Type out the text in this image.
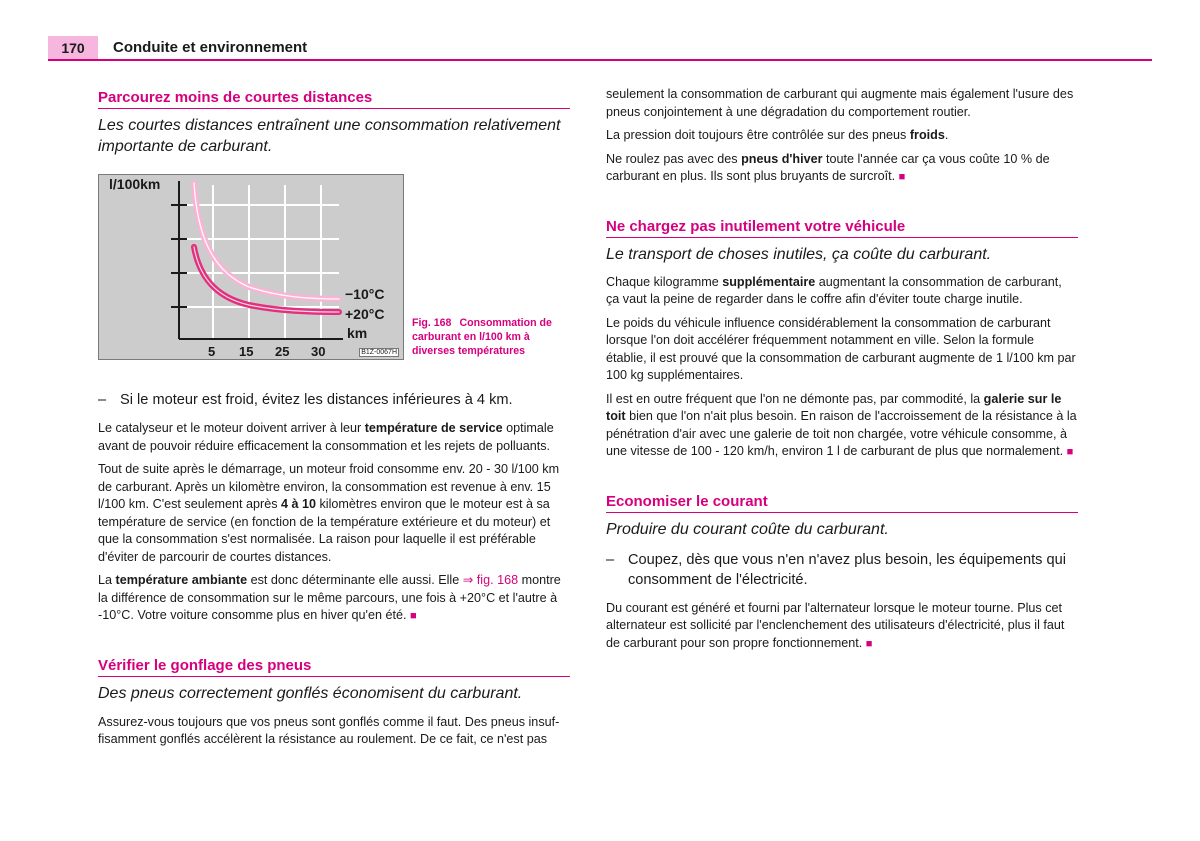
170	Conduite et environnement
Parcourez moins de courtes distances

Les courtes distances entraînent une consommation relativement importante de carburant.

l/100km
−10°C
+20°C
km
5 15 25 30	B1Z-0067H
Fig. 168 Consommation de carburant en l/100 km à diverses températures
– Si le moteur est froid, évitez les distances inférieures à 4 km.

Le catalyseur et le moteur doivent arriver à leur température de service optimale avant de pouvoir réduire efficacement la consommation et les rejets de polluants.

Tout de suite après le démarrage, un moteur froid consomme env. 20 - 30 l/100 km de carburant. Après un kilomètre environ, la consommation est revenue à env. 15 l/100 km. C'est seulement après 4 à 10 kilomètres environ que le moteur est à sa température de service (en fonction de la température extérieure et du moteur) et que la consommation s'est normalisée. La raison pour laquelle il est préférable d'éviter de parcourir de courtes distances.

La température ambiante est donc déterminante elle aussi. Elle ⇒ fig. 168 montre la différence de consommation sur le même parcours, une fois à +20°C et l'autre à -10°C. Votre voiture consomme plus en hiver qu'en été. ■

Vérifier le gonflage des pneus

Des pneus correctement gonflés économisent du carburant.

Assurez-vous toujours que vos pneus sont gonflés comme il faut. Des pneus insuf-fisamment gonflés accélèrent la résistance au roulement. De ce fait, ce n'est pas

seulement la consommation de carburant qui augmente mais également l'usure des pneus conjointement à une dégradation du comportement routier.

La pression doit toujours être contrôlée sur des pneus froids.

Ne roulez pas avec des pneus d'hiver toute l'année car ça vous coûte 10 % de carburant en plus. Ils sont plus bruyants de surcroît. ■

Ne chargez pas inutilement votre véhicule

Le transport de choses inutiles, ça coûte du carburant.

Chaque kilogramme supplémentaire augmentant la consommation de carburant, ça vaut la peine de regarder dans le coffre afin d'éviter toute charge inutile.

Le poids du véhicule influence considérablement la consommation de carburant lorsque l'on doit accélérer fréquemment notamment en ville. Selon la formule établie, il est prouvé que la consommation de carburant augmente de 1 l/100 km par 100 kg supplémentaires.

Il est en outre fréquent que l'on ne démonte pas, par commodité, la galerie sur le toit bien que l'on n'ait plus besoin. En raison de l'accroissement de la résistance à la pénétration d'air avec une galerie de toit non chargée, votre véhicule consomme, à une vitesse de 100 - 120 km/h, environ 1 l de carburant de plus que normalement. ■

Economiser le courant

Produire du courant coûte du carburant.

– Coupez, dès que vous n'en n'avez plus besoin, les équipements qui consomment de l'électricité.

Du courant est généré et fourni par l'alternateur lorsque le moteur tourne. Plus cet alternateur est sollicité par l'enclenchement des utilisateurs d'électricité, plus il faut de carburant pour son propre fonctionnement. ■
